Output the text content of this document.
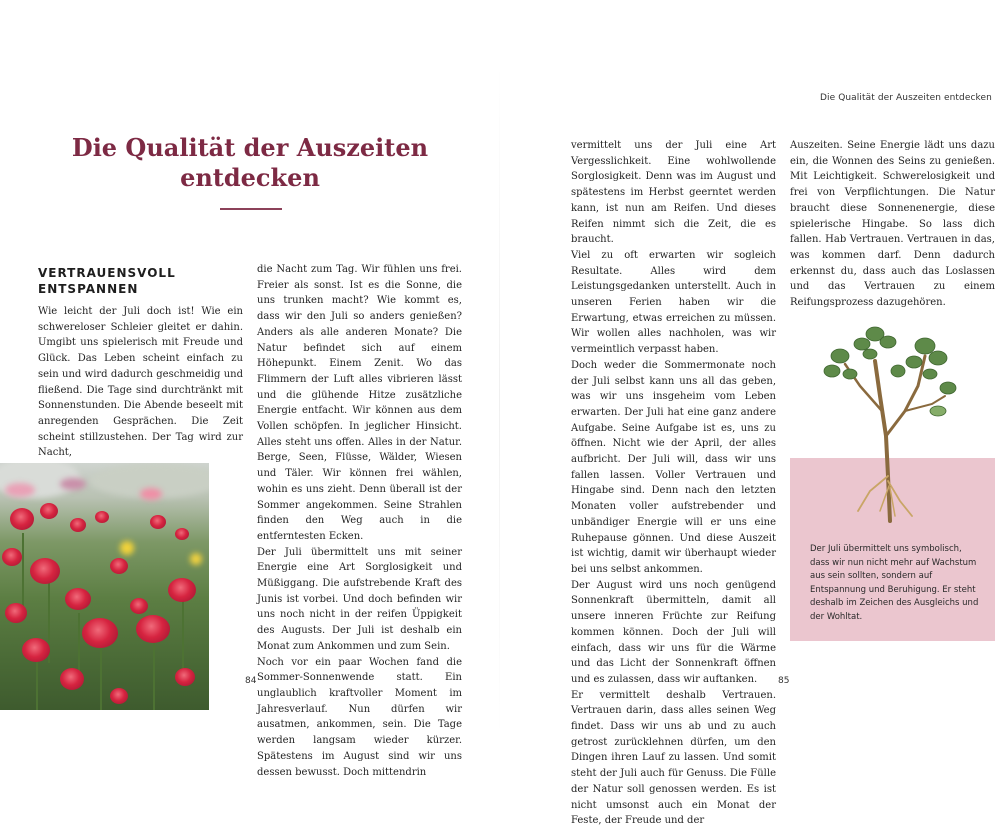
Die Qualität der Auszeiten entdecken
VERTRAUENSVOLL ENTSPANNEN

Wie leicht der Juli doch ist! Wie ein schwereloser Schleier gleitet er dahin. Umgibt uns spielerisch mit Freude und Glück. Das Leben scheint einfach zu sein und wird dadurch geschmeidig und fließend. Die Tage sind durchtränkt mit Sonnenstunden. Die Abende beseelt mit anregenden Gesprächen. Die Zeit scheint stillzustehen. Der Tag wird zur Nacht,

die Nacht zum Tag. Wir fühlen uns frei. Freier als sonst. Ist es die Sonne, die uns trunken macht? Wie kommt es, dass wir den Juli so anders genießen? Anders als alle anderen Monate? Die Natur befindet sich auf einem Höhepunkt. Einem Zenit. Wo das Flimmern der Luft alles vibrieren lässt und die glühende Hitze zusätzliche Energie entfacht. Wir können aus dem Vollen schöpfen. In jeglicher Hinsicht. Alles steht uns offen. Alles in der Natur. Berge, Seen, Flüsse, Wälder, Wiesen und Täler. Wir können frei wählen, wohin es uns zieht. Denn überall ist der Sommer angekommen. Seine Strahlen finden den Weg auch in die entferntesten Ecken.

Der Juli übermittelt uns mit seiner Energie eine Art Sorglosigkeit und Müßiggang. Die aufstrebende Kraft des Junis ist vorbei. Und doch befinden wir uns noch nicht in der reifen Üppigkeit des Augusts. Der Juli ist deshalb ein Monat zum Ankommen und zum Sein.

Noch vor ein paar Wochen fand die Sommer-Sonnenwende statt. Ein unglaublich kraftvoller Moment im Jahresverlauf. Nun dürfen wir ausatmen, ankommen, sein. Die Tage werden langsam wieder kürzer. Spätestens im August sind wir uns dessen bewusst. Doch mittendrin

84
Die Qualität der Auszeiten entdecken

vermittelt uns der Juli eine Art Vergesslichkeit. Eine wohlwollende Sorglosigkeit. Denn was im August und spätestens im Herbst geerntet werden kann, ist nun am Reifen. Und dieses Reifen nimmt sich die Zeit, die es braucht.

Viel zu oft erwarten wir sogleich Resultate. Alles wird dem Leistungsgedanken unterstellt. Auch in unseren Ferien haben wir die Erwartung, etwas erreichen zu müssen. Wir wollen alles nachholen, was wir vermeintlich verpasst haben.

Doch weder die Sommermonate noch der Juli selbst kann uns all das geben, was wir uns insgeheim vom Leben erwarten. Der Juli hat eine ganz andere Aufgabe. Seine Aufgabe ist es, uns zu öffnen. Nicht wie der April, der alles aufbricht. Der Juli will, dass wir uns fallen lassen. Voller Vertrauen und Hingabe sind. Denn nach den letzten Monaten voller aufstrebender und unbändiger Energie will er uns eine Ruhepause gönnen. Und diese Auszeit ist wichtig, damit wir überhaupt wieder bei uns selbst ankommen.

Der August wird uns noch genügend Sonnenkraft übermitteln, damit all unsere inneren Früchte zur Reifung kommen können. Doch der Juli will einfach, dass wir uns für die Wärme und das Licht der Sonnenkraft öffnen und es zulassen, dass wir auftanken.

Er vermittelt deshalb Vertrauen. Vertrauen darin, dass alles seinen Weg findet. Dass wir uns ab und zu auch getrost zurücklehnen dürfen, um den Dingen ihren Lauf zu lassen. Und somit steht der Juli auch für Genuss. Die Fülle der Natur soll genossen werden. Es ist nicht umsonst auch ein Monat der Feste, der Freude und der

Auszeiten. Seine Energie lädt uns dazu ein, die Wonnen des Seins zu genießen. Mit Leichtigkeit. Schwerelosigkeit und frei von Verpflichtungen. Die Natur braucht diese Sonnenenergie, diese spielerische Hingabe. So lass dich fallen. Hab Vertrauen. Vertrauen in das, was kommen darf. Denn dadurch erkennst du, dass auch das Loslassen und das Vertrauen zu einem Reifungsprozess dazugehören.

Der Juli übermittelt uns symbolisch, dass wir nun nicht mehr auf Wachstum aus sein sollten, sondern auf Entspannung und Beruhigung. Er steht deshalb im Zeichen des Ausgleichs und der Wohltat.

85
